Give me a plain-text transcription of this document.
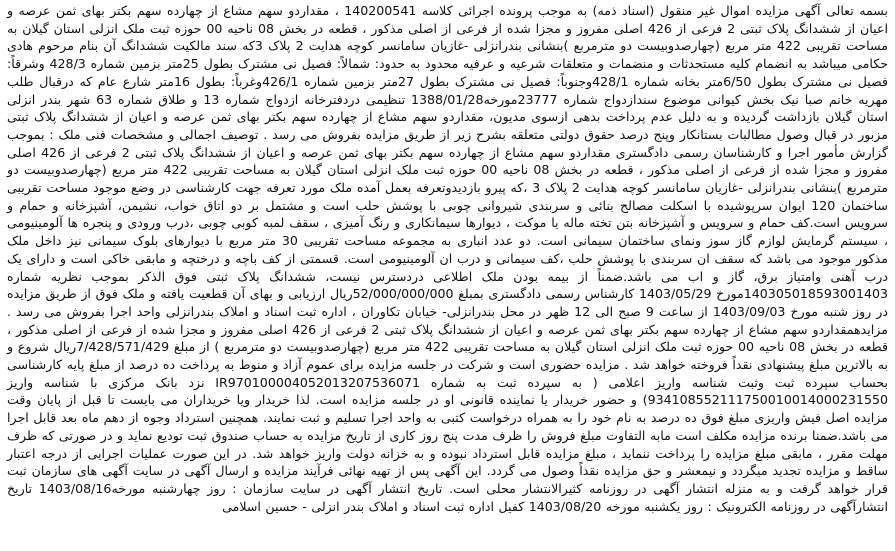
بسمه تعالی آگهی مزایده اموال غیر منقول (اسناد ذمه) به موجب پرونده اجرائی کلاسه 140200541 ، مقداردو سهم مشاع از چهارده سهم بکتر بهای ثمن عرصه و اعیان از ششدانگ پلاک ثبتی 2 فرعی از 426 اصلی مفروز و مجزا شده از فرعی از اصلی مذکور ، قطعه در بخش 08 ناحیه 00 حوزه ثبت ملک انزلی استان گیلان به مساحت تقریبی 422 متر مربع (چهارصدوبیست دو مترمربع )بنشانی بندرانزلی -غازیان سامانسر کوچه هدایت 2 پلاک 3که سند مالکیت ششدانگ آن بنام مرحوم هادی حکامی میباشد به انضمام کلیه مستحدثات و منضمات و متعلقات شرعیه و عرفیه محدود به حدود: شمالاً: فصیل نی مشترک بطول 25متر بزمین شماره 428/3 وشرقاً: فصیل نی مشترک بطول 6/50متر بخانه شماره 428/1وجنوباً: فصیل نی مشترک بطول 27متر بزمین شماره 426/1وغرباً: بطول 16متر شارع عام که درقبال طلب مهریه خانم صبا نیک بخش کیوانی موضوع سندازدواج شماره 23777مورخه1388/01/28 تنظیمی دردفترخانه ازدواج شماره 13 و طلاق شماره 63 شهر بندر انزلی استان گیلان بازداشت گردیده و به دلیل عدم پرداخت بدهی ازسوی مدیون، مقداردو سهم مشاع از چهارده سهم بکتر بهای ثمن عرصه و اعیان از ششدانگ پلاک ثبتی مزبور در قبال وصول مطالبات بستانکار وپنج درصد حقوق دولتی متعلقه بشرح زیر از طریق مزایده بفروش می رسد . توصیف اجمالی و مشخصات فنی ملک : بموجب گزارش مأمور اجرا و کارشناسان رسمی دادگستری مقداردو سهم مشاع از چهارده سهم بکتر بهای ثمن عرصه و اعیان از ششدانگ پلاک ثبتی 2 فرعی از 426 اصلی مفروز و مجزا شده از فرعی از اصلی مذکور ، قطعه در بخش 08 ناحیه 00 حوزه ثبت ملک انزلی استان گیلان به مساحت تقریبی 422 متر مربع (چهارصدوبیست دو مترمربع )بنشانی بندرانزلی -غازیان سامانسر کوچه هدایت 2 پلاک 3 ،که پیرو بازدیدوتعرفه بعمل آمده ملک مورد تعرفه جهت کارشناسی در وضع موجود مساحت تقریبی ساختمان 120 ایوان سرپوشیده با اسکلت مصالح بنائی و سربندی شیروانی چوبی با پوشش حلب است و مشتمل بر دو اتاق خواب، نشیمن، آشپزخانه و حمام و سرویس است.کف حمام و سرویس و آشپزخانه بتن تخته ماله یا موکت ، دیوارها سیمانکاری و رنگ آمیزی ، سقف لمبه کوبی چوبی ،درب ورودی و پنجره ها آلومینیومی ، سیستم گرمایش لوازم گاز سوز ونمای ساختمان سیمانی است. دو عدد انباری به مجموعه مساحت تقریبی 30 متر مربع با دیوارهای بلوک سیمانی نیز داخل ملک مذکور موجود می باشد که سقف ان سربندی با پوشش حلب ،کف سیمانی و درب ان آلومینیومی است. قسمتی از کف باچه و درختچه و مابقی خاکی است و دارای یک درب آهنی وامتیاز برق، گاز و اب می باشد.ضمناً از بیمه بودن ملک اطلاعی دردسترس نیست، ششدانگ پلاک ثبتی فوق الذکر بموجب نظریه شماره 140305018593001403مورخ 1403/05/29 کارشناس رسمی دادگستری بمبلغ 52/000/000/000ریال ارزیابی و بهای آن قطعیت یافته و ملک فوق از طریق مزایده در روز شنبه مورخ 1403/09/03 از ساعت 9 صبح الی 12 ظهر در محل بندرانزلی- خیابان تکاوران ، اداره ثبت اسناد و املاک بندرانزلی واحد اجرا بفروش می رسد . مزایدهمقداردو سهم مشاع از چهارده سهم بکتر بهای ثمن عرصه و اعیان از ششدانگ پلاک ثبتی 2 فرعی از 426 اصلی مفروز و مجزا شده از فرعی از اصلی مذکور ، قطعه در بخش 08 ناحیه 00 حوزه ثبت ملک انزلی استان گیلان به مساحت تقریبی 422 متر مربع (چهارصدوبیست دو مترمربع ) از مبلغ 7/428/571/429ریال شروع و به بالاترین مبلغ پیشنهادی نقداً فروخته خواهد شد . مزایده حضوری است و شرکت در جلسه مزایده برای عموم آزاد و منوط به پرداخت ده درصد از مبلغ پایه کارشناسی بحساب سپرده ثبت وثبت شناسه واریز اعلامی ( به سپرده ثبت به شماره IR970100004052013207536071 نزد بانک مرکزی با شناسه واریز 934108552111750010014000231550) و حضور خریدار یا نماینده قانونی او در جلسه مزایده است. لذا خریدار ویا خریداران می بایست تا قبل از پایان وقت مزایده اصل فیش واریزی مبلغ فوق ده درصد به نام خود را به همراه درخواست کتبی به واحد اجرا تسلیم و ثبت نمایند. همچنین استرداد وجوه از دهم ماه بعد قابل اجرا می باشد.ضمنا برنده مزایده مکلف است مابه التفاوت مبلغ فروش را ظرف مدت پنج روز کاری از تاریخ مزایده به حساب صندوق ثبت تودیع نماید و در صورتی که ظرف مهلت مقرر ، مابقی مبلغ مزایده را پرداخت ننماید ، مبلغ مزایده قابل استرداد نبوده و به خزانه دولت واریز خواهد شد. در این صورت عملیات اجرایی از درجه اعتبار ساقط و مزایده تجدید میگردد و نیمعشر و حق مزایده نقداً وصول می گردد. این آگهی پس از تهیه نهائی فرآیند مزایده و ارسال آگهی در سایت آگهی های سازمان ثبت قرار خواهد گرفت و به منزله انتشار آگهی در روزنامه کثیرالانتشار محلی است. تاریخ انتشار آگهی در سایت سازمان : روز چهارشنبه مورخه1403/08/16 تاریخ انتشارآگهی در روزنامه الکترونیک : روز یکشنبه مورخه 1403/08/20 کفیل اداره ثبت اسناد و املاک بندر انزلی - حسین اسلامی
